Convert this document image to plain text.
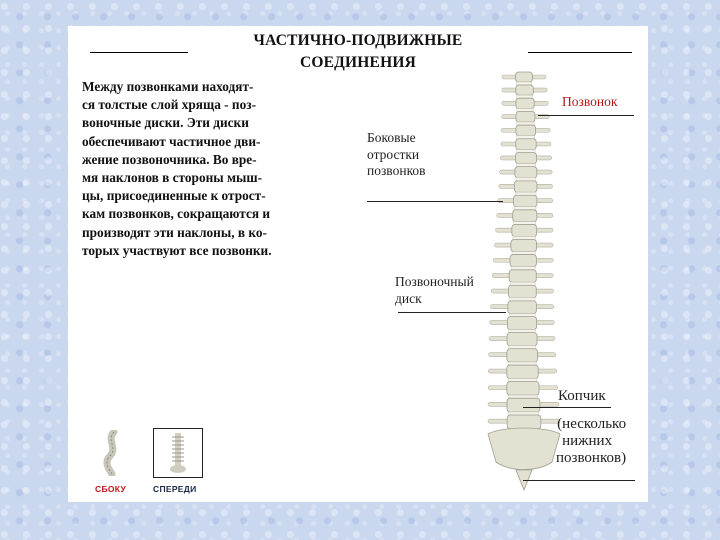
ЧАСТИЧНО-ПОДВИЖНЫЕ
СОЕДИНЕНИЯ
Между позвонками находят-
ся толстые слой хряща - поз-
воночные диски. Эти диски
обеспечивают частичное дви-
жение позвоночника. Во вре-
мя наклонов в стороны мыш-
цы, присоединенные к отрост-
кам позвонков, сокращаются и
производят эти наклоны, в ко-
торых участвуют все позвонки.
Позвонок
Боковые
отростки
позвонков
Позвоночный
диск
Копчик
(несколько
нижних
позвонков)
СБОКУ	СПЕРЕДИ
